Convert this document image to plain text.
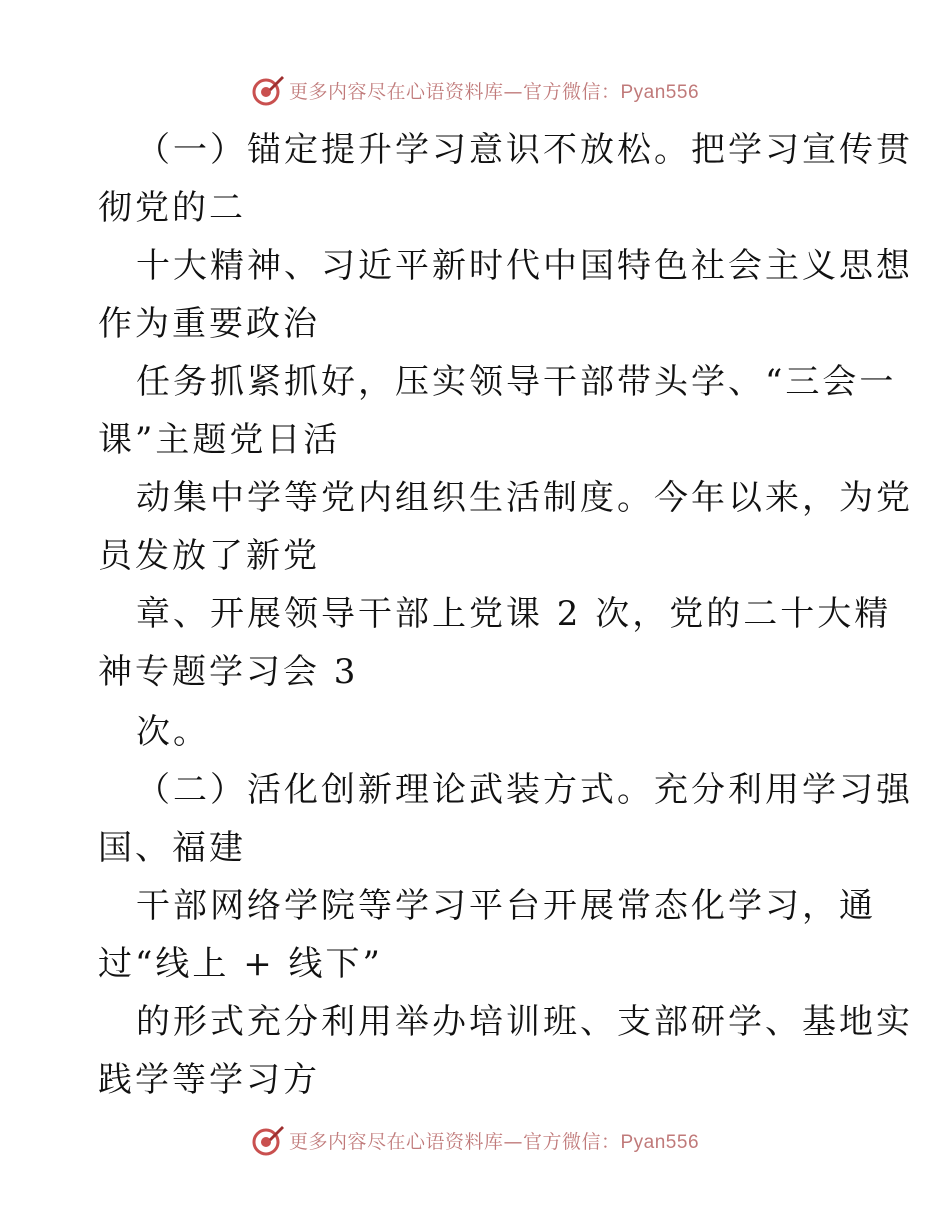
更多内容尽在心语资料库—官方微信：Pyan556
（一）锚定提升学习意识不放松。把学习宣传贯
彻党的二
十大精神、习近平新时代中国特色社会主义思想
作为重要政治
任务抓紧抓好，压实领导干部带头学、“三会一
课”主题党日活
动集中学等党内组织生活制度。今年以来，为党
员发放了新党
章、开展领导干部上党课 2 次，党的二十大精
神专题学习会 3
次。
（二）活化创新理论武装方式。充分利用学习强
国、福建
干部网络学院等学习平台开展常态化学习，通
过“线上 + 线下”
的形式充分利用举办培训班、支部研学、基地实
践学等学习方
更多内容尽在心语资料库—官方微信：Pyan556
